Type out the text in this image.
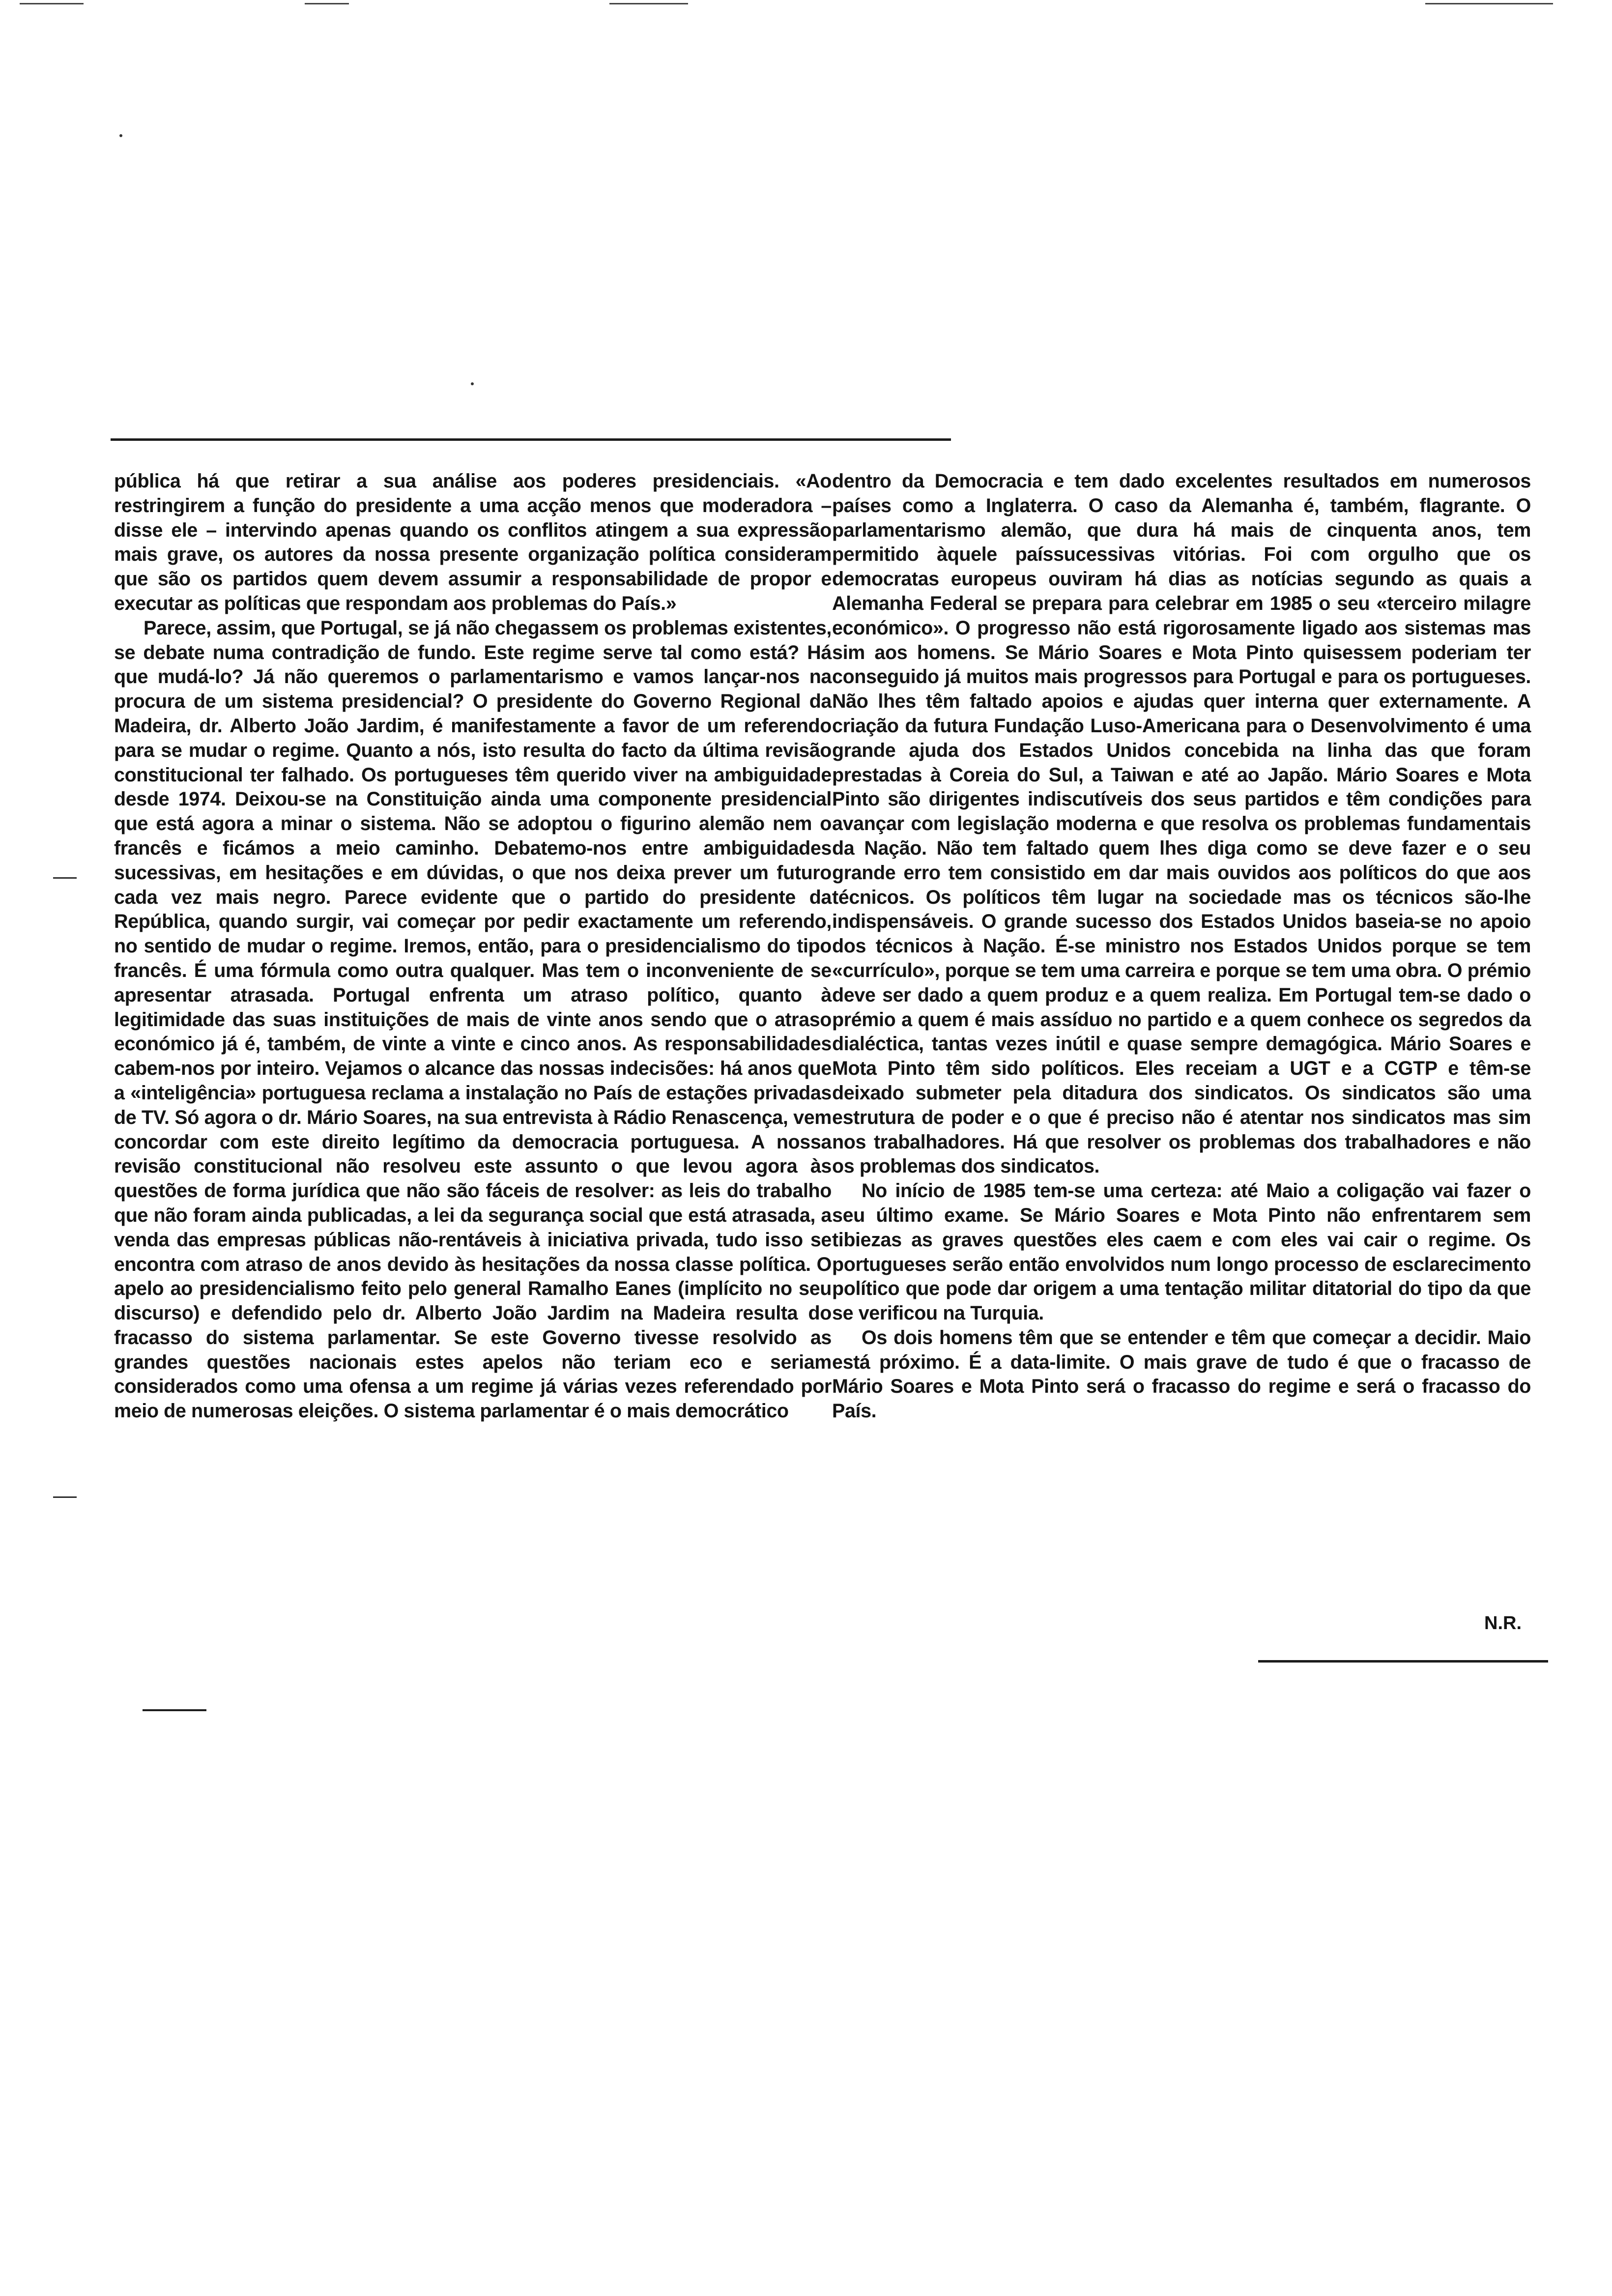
pública há que retirar a sua análise aos poderes presidenciais. «Ao restringirem a função do presidente a uma acção menos que moderadora – disse ele – intervindo apenas quando os conflitos atingem a sua expressão mais grave, os autores da nossa presente organização política consideram que são os partidos quem devem assumir a responsabilidade de propor e executar as políticas que respondam aos problemas do País.»

Parece, assim, que Portugal, se já não chegassem os problemas existentes, se debate numa contradição de fundo. Este regime serve tal como está? Há que mudá-lo? Já não queremos o parlamentarismo e vamos lançar-nos na procura de um sistema presidencial? O presidente do Governo Regional da Madeira, dr. Alberto João Jardim, é manifestamente a favor de um referendo para se mudar o regime. Quanto a nós, isto resulta do facto da última revisão constitucional ter falhado. Os portugueses têm querido viver na ambiguidade desde 1974. Deixou-se na Constituição ainda uma componente presidencial que está agora a minar o sistema. Não se adoptou o figurino alemão nem o francês e ficámos a meio caminho. Debatemo-nos entre ambiguidades sucessivas, em hesitações e em dúvidas, o que nos deixa prever um futuro cada vez mais negro. Parece evidente que o partido do presidente da República, quando surgir, vai começar por pedir exactamente um referendo, no sentido de mudar o regime. Iremos, então, para o presidencialismo do tipo francês. É uma fórmula como outra qualquer. Mas tem o inconveniente de se apresentar atrasada. Portugal enfrenta um atraso político, quanto à legitimidade das suas instituições de mais de vinte anos sendo que o atraso económico já é, também, de vinte a vinte e cinco anos. As responsabilidades cabem-nos por inteiro. Vejamos o alcance das nossas indecisões: há anos que a «inteligência» portuguesa reclama a instalação no País de estações privadas de TV. Só agora o dr. Mário Soares, na sua entrevista à Rádio Renascença, vem concordar com este direito legítimo da democracia portuguesa. A nossa revisão constitucional não resolveu este assunto o que levou agora às questões de forma jurídica que não são fáceis de resolver: as leis do trabalho que não foram ainda publicadas, a lei da segurança social que está atrasada, a venda das empresas públicas não-rentáveis à iniciativa privada, tudo isso se encontra com atraso de anos devido às hesitações da nossa classe política. O apelo ao presidencialismo feito pelo general Ramalho Eanes (implícito no seu discurso) e defendido pelo dr. Alberto João Jardim na Madeira resulta do fracasso do sistema parlamentar. Se este Governo tivesse resolvido as grandes questões nacionais estes apelos não teriam eco e seriam considerados como uma ofensa a um regime já várias vezes referendado por meio de numerosas eleições. O sistema parlamentar é o mais democrático

dentro da Democracia e tem dado excelentes resultados em numerosos países como a Inglaterra. O caso da Alemanha é, também, flagrante. O parlamentarismo alemão, que dura há mais de cinquenta anos, tem permitido àquele paíssucessivas vitórias. Foi com orgulho que os democratas europeus ouviram há dias as notícias segundo as quais a Alemanha Federal se prepara para celebrar em 1985 o seu «terceiro milagre económico». O progresso não está rigorosamente ligado aos sistemas mas sim aos homens. Se Mário Soares e Mota Pinto quisessem poderiam ter conseguido já muitos mais progressos para Portugal e para os portugueses. Não lhes têm faltado apoios e ajudas quer interna quer externamente. A criação da futura Fundação Luso-Americana para o Desenvolvimento é uma grande ajuda dos Estados Unidos concebida na linha das que foram prestadas à Coreia do Sul, a Taiwan e até ao Japão. Mário Soares e Mota Pinto são dirigentes indiscutíveis dos seus partidos e têm condições para avançar com legislação moderna e que resolva os problemas fundamentais da Nação. Não tem faltado quem lhes diga como se deve fazer e o seu grande erro tem consistido em dar mais ouvidos aos políticos do que aos técnicos. Os políticos têm lugar na sociedade mas os técnicos são-lhe indispensáveis. O grande sucesso dos Estados Unidos baseia-se no apoio dos técnicos à Nação. É-se ministro nos Estados Unidos porque se tem «currículo», porque se tem uma carreira e porque se tem uma obra. O prémio deve ser dado a quem produz e a quem realiza. Em Portugal tem-se dado o prémio a quem é mais assíduo no partido e a quem conhece os segredos da dialéctica, tantas vezes inútil e quase sempre demagógica. Mário Soares e Mota Pinto têm sido políticos. Eles receiam a UGT e a CGTP e têm-se deixado submeter pela ditadura dos sindicatos. Os sindicatos são uma estrutura de poder e o que é preciso não é atentar nos sindicatos mas sim nos trabalhadores. Há que resolver os problemas dos trabalhadores e não os problemas dos sindicatos.

No início de 1985 tem-se uma certeza: até Maio a coligação vai fazer o seu último exame. Se Mário Soares e Mota Pinto não enfrentarem sem tibiezas as graves questões eles caem e com eles vai cair o regime. Os portugueses serão então envolvidos num longo processo de esclarecimento político que pode dar origem a uma tentação militar ditatorial do tipo da que se verificou na Turquia.

Os dois homens têm que se entender e têm que começar a decidir. Maio está próximo. É a data-limite. O mais grave de tudo é que o fracasso de Mário Soares e Mota Pinto será o fracasso do regime e será o fracasso do País.

N.R.
